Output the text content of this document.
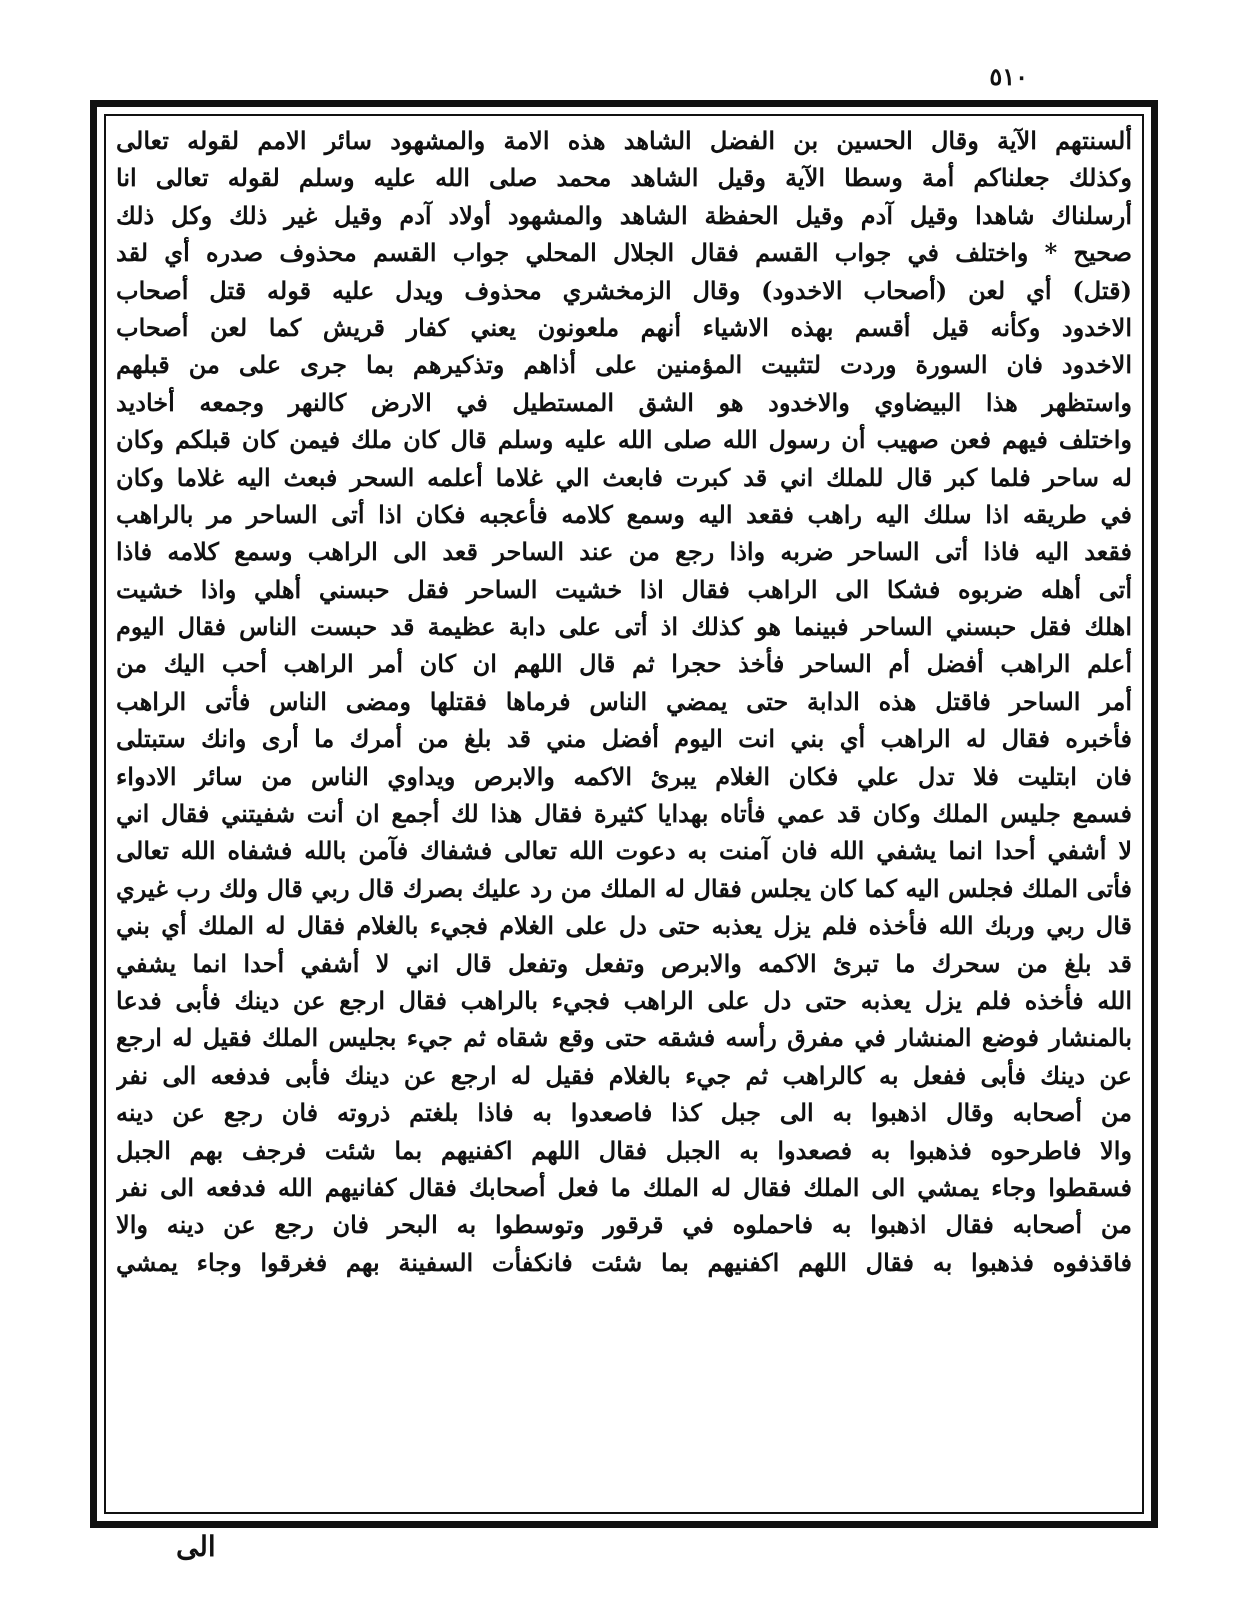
٥١٠
ألسنتهم الآية وقال الحسين بن الفضل الشاهد هذه الامة والمشهود سائر الامم لقوله تعالى
وكذلك جعلناكم أمة وسطا الآية وقيل الشاهد محمد صلى الله عليه وسلم لقوله تعالى انا
أرسلناك شاهدا وقيل آدم وقيل الحفظة الشاهد والمشهود أولاد آدم وقيل غير ذلك وكل ذلك
صحيح * واختلف في جواب القسم فقال الجلال المحلي جواب القسم محذوف صدره أي لقد
(قتل) أي لعن (أصحاب الاخدود) وقال الزمخشري محذوف ويدل عليه قوله قتل أصحاب
الاخدود وكأنه قيل أقسم بهذه الاشياء أنهم ملعونون يعني كفار قريش كما لعن أصحاب
الاخدود فان السورة وردت لتثبيت المؤمنين على أذاهم وتذكيرهم بما جرى على من قبلهم
واستظهر هذا البيضاوي والاخدود هو الشق المستطيل في الارض كالنهر وجمعه أخاديد
واختلف فيهم فعن صهيب أن رسول الله صلى الله عليه وسلم قال كان ملك فيمن كان قبلكم وكان
له ساحر فلما كبر قال للملك اني قد كبرت فابعث الي غلاما أعلمه السحر فبعث اليه غلاما وكان
في طريقه اذا سلك اليه راهب فقعد اليه وسمع كلامه فأعجبه فكان اذا أتى الساحر مر بالراهب
فقعد اليه فاذا أتى الساحر ضربه واذا رجع من عند الساحر قعد الى الراهب وسمع كلامه فاذا
أتى أهله ضربوه فشكا الى الراهب فقال اذا خشيت الساحر فقل حبسني أهلي واذا خشيت
اهلك فقل حبسني الساحر فبينما هو كذلك اذ أتى على دابة عظيمة قد حبست الناس فقال اليوم
أعلم الراهب أفضل أم الساحر فأخذ حجرا ثم قال اللهم ان كان أمر الراهب أحب اليك من
أمر الساحر فاقتل هذه الدابة حتى يمضي الناس فرماها فقتلها ومضى الناس فأتى الراهب
فأخبره فقال له الراهب أي بني انت اليوم أفضل مني قد بلغ من أمرك ما أرى وانك ستبتلى
فان ابتليت فلا تدل علي فكان الغلام يبرئ الاكمه والابرص ويداوي الناس من سائر الادواء
فسمع جليس الملك وكان قد عمي فأتاه بهدايا كثيرة فقال هذا لك أجمع ان أنت شفيتني فقال اني
لا أشفي أحدا انما يشفي الله فان آمنت به دعوت الله تعالى فشفاك فآمن بالله فشفاه الله تعالى
فأتى الملك فجلس اليه كما كان يجلس فقال له الملك من رد عليك بصرك قال ربي قال ولك رب غيري
قال ربي وربك الله فأخذه فلم يزل يعذبه حتى دل على الغلام فجيء بالغلام فقال له الملك أي بني
قد بلغ من سحرك ما تبرئ الاكمه والابرص وتفعل وتفعل قال اني لا أشفي أحدا انما يشفي
الله فأخذه فلم يزل يعذبه حتى دل على الراهب فجيء بالراهب فقال ارجع عن دينك فأبى فدعا
بالمنشار فوضع المنشار في مفرق رأسه فشقه حتى وقع شقاه ثم جيء بجليس الملك فقيل له ارجع
عن دينك فأبى ففعل به كالراهب ثم جيء بالغلام فقيل له ارجع عن دينك فأبى فدفعه الى نفر
من أصحابه وقال اذهبوا به الى جبل كذا فاصعدوا به فاذا بلغتم ذروته فان رجع عن دينه
والا فاطرحوه فذهبوا به فصعدوا به الجبل فقال اللهم اكفنيهم بما شئت فرجف بهم الجبل
فسقطوا وجاء يمشي الى الملك فقال له الملك ما فعل أصحابك فقال كفانيهم الله فدفعه الى نفر
من أصحابه فقال اذهبوا به فاحملوه في قرقور وتوسطوا به البحر فان رجع عن دينه والا
فاقذفوه فذهبوا به فقال اللهم اكفنيهم بما شئت فانكفأت السفينة بهم فغرقوا وجاء يمشي
الى
